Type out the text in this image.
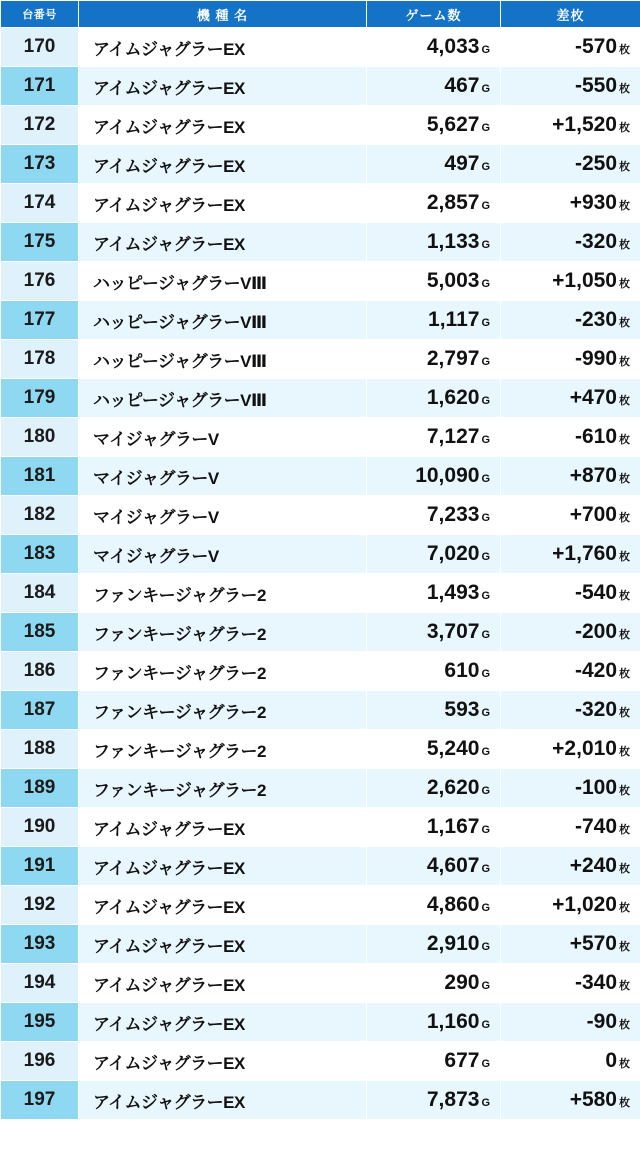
台番号	機 種 名	ゲーム数	差枚
170	アイムジャグラーEX	4,033 G	-570 枚
171	アイムジャグラーEX	467 G	-550 枚
172	アイムジャグラーEX	5,627 G	+1,520 枚
173	アイムジャグラーEX	497 G	-250 枚
174	アイムジャグラーEX	2,857 G	+930 枚
175	アイムジャグラーEX	1,133 G	-320 枚
176	ハッピージャグラーVⅢ	5,003 G	+1,050 枚
177	ハッピージャグラーVⅢ	1,117 G	-230 枚
178	ハッピージャグラーVⅢ	2,797 G	-990 枚
179	ハッピージャグラーVⅢ	1,620 G	+470 枚
180	マイジャグラーV	7,127 G	-610 枚
181	マイジャグラーV	10,090 G	+870 枚
182	マイジャグラーV	7,233 G	+700 枚
183	マイジャグラーV	7,020 G	+1,760 枚
184	ファンキージャグラー2	1,493 G	-540 枚
185	ファンキージャグラー2	3,707 G	-200 枚
186	ファンキージャグラー2	610 G	-420 枚
187	ファンキージャグラー2	593 G	-320 枚
188	ファンキージャグラー2	5,240 G	+2,010 枚
189	ファンキージャグラー2	2,620 G	-100 枚
190	アイムジャグラーEX	1,167 G	-740 枚
191	アイムジャグラーEX	4,607 G	+240 枚
192	アイムジャグラーEX	4,860 G	+1,020 枚
193	アイムジャグラーEX	2,910 G	+570 枚
194	アイムジャグラーEX	290 G	-340 枚
195	アイムジャグラーEX	1,160 G	-90 枚
196	アイムジャグラーEX	677 G	0 枚
197	アイムジャグラーEX	7,873 G	+580 枚
